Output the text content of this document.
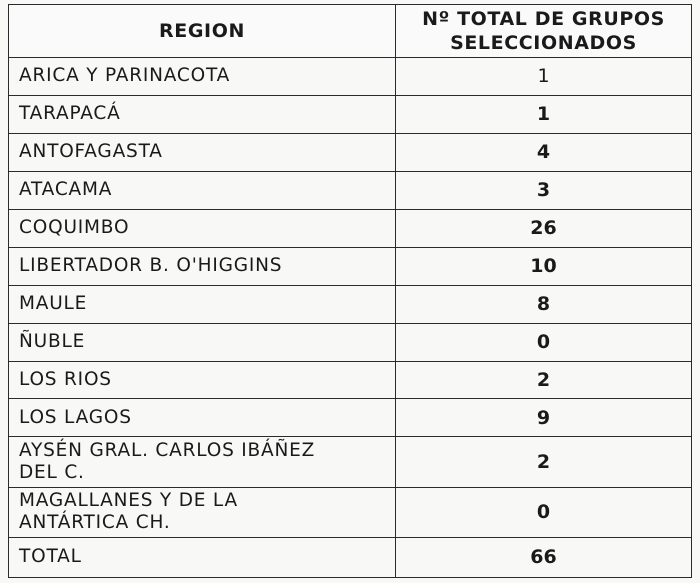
REGION	Nº TOTAL DE GRUPOS
SELECCIONADOS
ARICA Y PARINACOTA	1
TARAPACÁ	1
ANTOFAGASTA	4
ATACAMA	3
COQUIMBO	26
LIBERTADOR B. O'HIGGINS	10
MAULE	8
ÑUBLE	0
LOS RIOS	2
LOS LAGOS	9
AYSÉN GRAL. CARLOS IBÁÑEZ
DEL C.	2
MAGALLANES Y DE LA
ANTÁRTICA CH.	0
TOTAL	66
